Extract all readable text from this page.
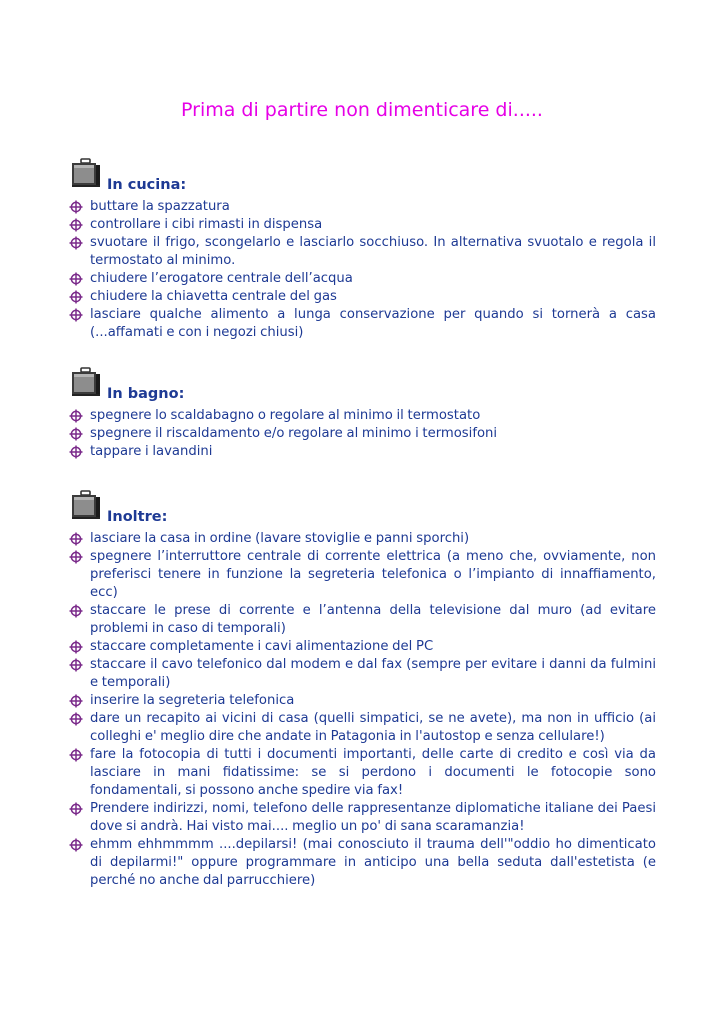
Prima di partire non dimenticare di.....
In cucina:
buttare la spazzatura
controllare i cibi rimasti in dispensa
svuotare il frigo, scongelarlo e lasciarlo socchiuso. In alternativa svuotalo e regola il termostato al minimo.
chiudere l’erogatore centrale dell’acqua
chiudere la chiavetta centrale del gas
lasciare qualche alimento a lunga conservazione per quando si tornerà a casa (...affamati e con i negozi chiusi)
In bagno:
spegnere lo scaldabagno o regolare al minimo il termostato
spegnere il riscaldamento e/o regolare al minimo i termosifoni
tappare i lavandini
Inoltre:
lasciare la casa in ordine (lavare stoviglie e panni sporchi)
spegnere l’interruttore centrale di corrente elettrica (a meno che, ovviamente, non preferisci tenere in funzione la segreteria telefonica o l’impianto di innaffiamento, ecc)
staccare le prese di corrente e l’antenna della televisione dal muro (ad evitare problemi in caso di temporali)
staccare completamente i cavi alimentazione del PC
staccare il cavo telefonico dal modem e dal fax (sempre per evitare i danni da fulmini e temporali)
inserire la segreteria telefonica
dare un recapito ai vicini di casa (quelli simpatici, se ne avete), ma non in ufficio (ai colleghi e' meglio dire che andate in Patagonia in l'autostop e senza cellulare!)
fare la fotocopia di tutti i documenti importanti, delle carte di credito e così via da lasciare in mani fidatissime: se si perdono i documenti le fotocopie sono fondamentali, si possono anche spedire via fax!
Prendere indirizzi, nomi, telefono delle rappresentanze diplomatiche italiane dei Paesi dove si andrà. Hai visto mai.... meglio un po' di sana scaramanzia!
ehmm ehhmmmm ....depilarsi! (mai conosciuto il trauma dell'"oddio ho dimenticato di depilarmi!" oppure programmare in anticipo una bella seduta dall'estetista (e perché no anche dal parrucchiere)
